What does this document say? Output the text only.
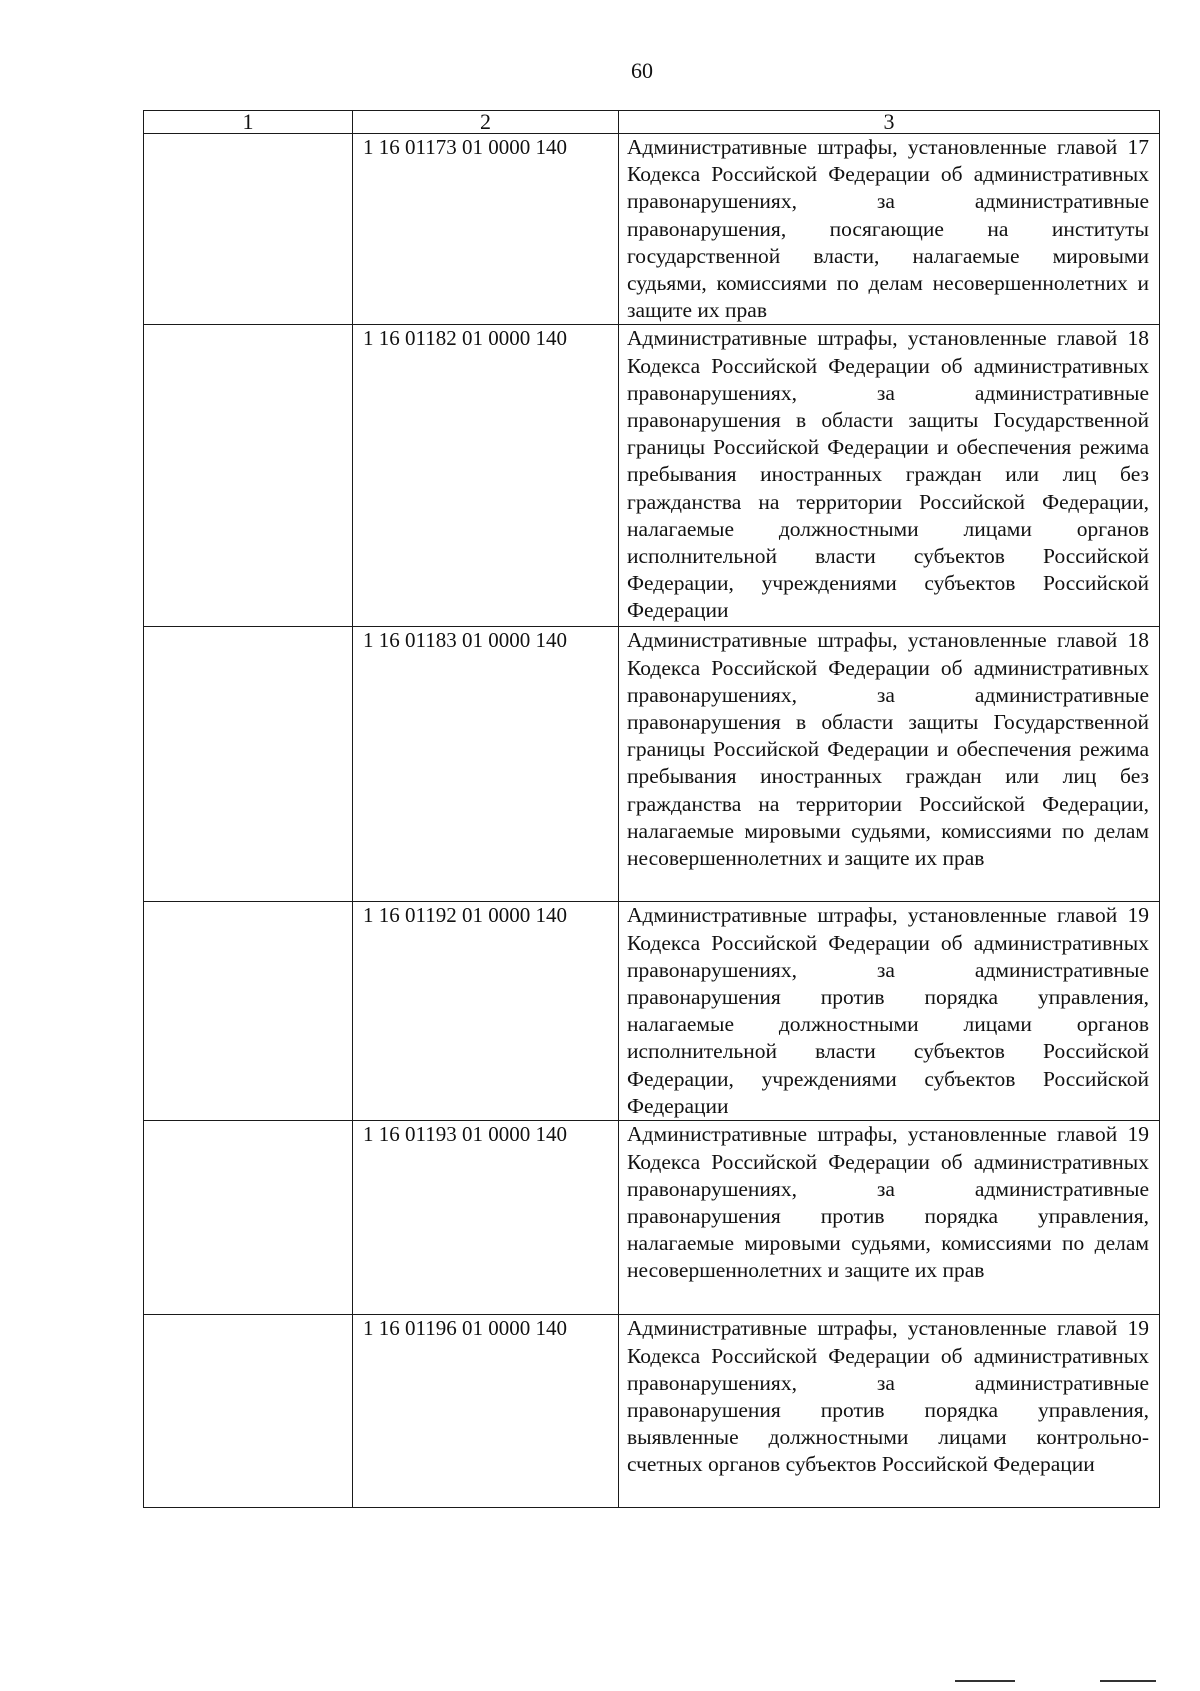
60
1	2	3
	1 16 01173 01 0000 140	Административные штрафы, установленные главой 17 Кодекса Российской Федерации об административных правонарушениях, за административные правонарушения, посягающие на институты государственной власти, налагаемые мировыми судьями, комиссиями по делам несовершеннолетних и защите их прав
	1 16 01182 01 0000 140	Административные штрафы, установленные главой 18 Кодекса Российской Федерации об административных правонарушениях, за административные правонарушения в области защиты Государственной границы Российской Федерации и обеспечения режима пребывания иностранных граждан или лиц без гражданства на территории Российской Федерации, налагаемые должностными лицами органов исполнительной власти субъектов Российской Федерации, учреждениями субъектов Российской Федерации
	1 16 01183 01 0000 140	Административные штрафы, установленные главой 18 Кодекса Российской Федерации об административных правонарушениях, за административные правонарушения в области защиты Государственной границы Российской Федерации и обеспечения режима пребывания иностранных граждан или лиц без гражданства на территории Российской Федерации, налагаемые мировыми судьями, комиссиями по делам несовершеннолетних и защите их прав
	1 16 01192 01 0000 140	Административные штрафы, установленные главой 19 Кодекса Российской Федерации об административных правонарушениях, за административные правонарушения против порядка управления, налагаемые должностными лицами органов исполнительной власти субъектов Российской Федерации, учреждениями субъектов Российской Федерации
	1 16 01193 01 0000 140	Административные штрафы, установленные главой 19 Кодекса Российской Федерации об административных правонарушениях, за административные правонарушения против порядка управления, налагаемые мировыми судьями, комиссиями по делам несовершеннолетних и защите их прав
	1 16 01196 01 0000 140	Административные штрафы, установленные главой 19 Кодекса Российской Федерации об административных правонарушениях, за административные правонарушения против порядка управления, выявленные должностными лицами контрольно-счетных органов субъектов Российской Федерации
